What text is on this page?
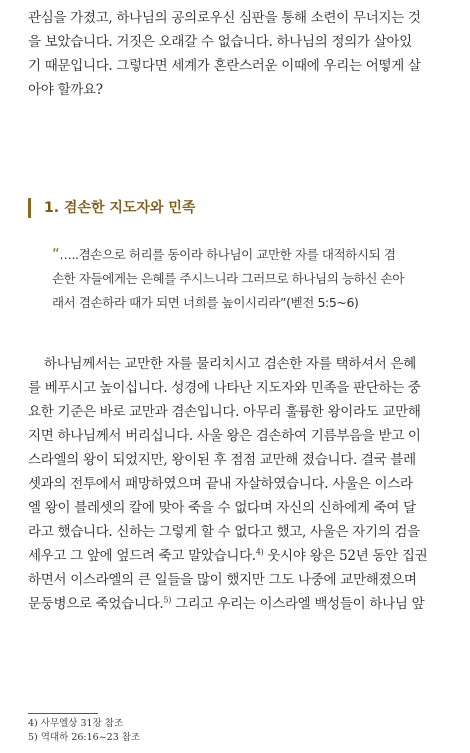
관심을 가졌고, 하나님의 공의로우신 심판을 통해 소련이 무너지는 것
을 보았습니다. 거짓은 오래갈 수 없습니다. 하나님의 정의가 살아있
기 때문입니다. 그렇다면 세계가 혼란스러운 이때에 우리는 어떻게 살
아야 할까요?

1. 겸손한 지도자와 민족
“…..겸손으로 허리를 동이라 하나님이 교만한 자를 대적하시되 겸
손한 자들에게는 은혜를 주시느니라 그러므로 하나님의 능하신 손아
래서 겸손하라 때가 되면 너희를 높이시리라”(벧전 5:5~6)

하나님께서는 교만한 자를 물리치시고 겸손한 자를 택하셔서 은혜
를 베푸시고 높이십니다. 성경에 나타난 지도자와 민족을 판단하는 중
요한 기준은 바로 교만과 겸손입니다. 아무리 훌륭한 왕이라도 교만해
지면 하나님께서 버리십니다. 사울 왕은 겸손하여 기름부음을 받고 이
스라엘의 왕이 되었지만, 왕이된 후 점점 교만해 졌습니다. 결국 블레
셋과의 전투에서 패망하였으며 끝내 자살하였습니다. 사울은 이스라
엘 왕이 블레셋의 칼에 맞아 죽을 수 없다며 자신의 신하에게 죽여 달
라고 했습니다. 신하는 그렇게 할 수 없다고 했고, 사울은 자기의 검을
세우고 그 앞에 엎드려 죽고 말았습니다.$^{4)}$ 웃시야 왕은 52년 동안 집권
하면서 이스라엘의 큰 일들을 많이 했지만 그도 나중에 교만해졌으며
문둥병으로 죽었습니다.$^{5)}$ 그리고 우리는 이스라엘 백성들이 하나님 앞

4) 사무엘상 31장 참조
5) 역대하 26:16~23 참조
